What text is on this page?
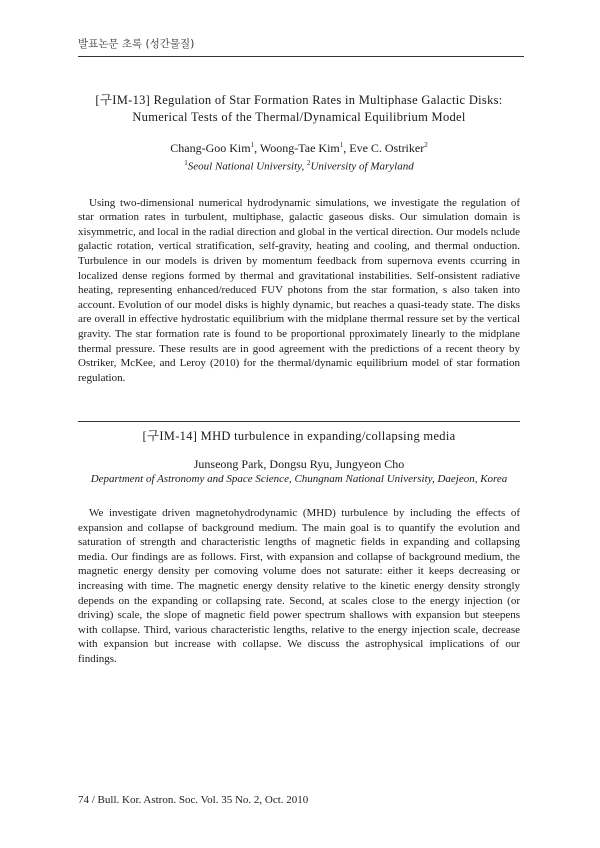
발표논문 초록 (성간물질)
[구IM-13] Regulation of Star Formation Rates in Multiphase Galactic Disks: Numerical Tests of the Thermal/Dynamical Equilibrium Model
Chang-Goo Kim$^1$, Woong-Tae Kim$^1$, Eve C. Ostriker$^2$
$^1$Seoul National University, $^2$University of Maryland

Using two-dimensional numerical hydrodynamic simulations, we investigate the regulation of star ormation rates in turbulent, multiphase, galactic gaseous disks. Our simulation domain is xisymmetric, and local in the radial direction and global in the vertical direction. Our models nclude galactic rotation, vertical stratification, self-gravity, heating and cooling, and thermal onduction. Turbulence in our models is driven by momentum feedback from supernova events ccurring in localized dense regions formed by thermal and gravitational instabilities. Self-onsistent radiative heating, representing enhanced/reduced FUV photons from the star formation, s also taken into account. Evolution of our model disks is highly dynamic, but reaches a quasi-teady state. The disks are overall in effective hydrostatic equilibrium with the midplane thermal ressure set by the vertical gravity. The star formation rate is found to be proportional pproximately linearly to the midplane thermal pressure. These results are in good agreement with the predictions of a recent theory by Ostriker, McKee, and Leroy (2010) for the thermal/dynamic equilibrium model of star formation regulation.

[구IM-14] MHD turbulence in expanding/collapsing media
Junseong Park, Dongsu Ryu, Jungyeon Cho
Department of Astronomy and Space Science, Chungnam National University, Daejeon, Korea

We investigate driven magnetohydrodynamic (MHD) turbulence by including the effects of expansion and collapse of background medium. The main goal is to quantify the evolution and saturation of strength and characteristic lengths of magnetic fields in expanding and collapsing media. Our findings are as follows. First, with expansion and collapse of background medium, the magnetic energy density per comoving volume does not saturate: either it keeps decreasing or increasing with time. The magnetic energy density relative to the kinetic energy density strongly depends on the expanding or collapsing rate. Second, at scales close to the energy injection (or driving) scale, the slope of magnetic field power spectrum shallows with expansion but steepens with collapse. Third, various characteristic lengths, relative to the energy injection scale, decrease with expansion but increase with collapse. We discuss the astrophysical implications of our findings.

74 / Bull. Kor. Astron. Soc. Vol. 35 No. 2, Oct. 2010
